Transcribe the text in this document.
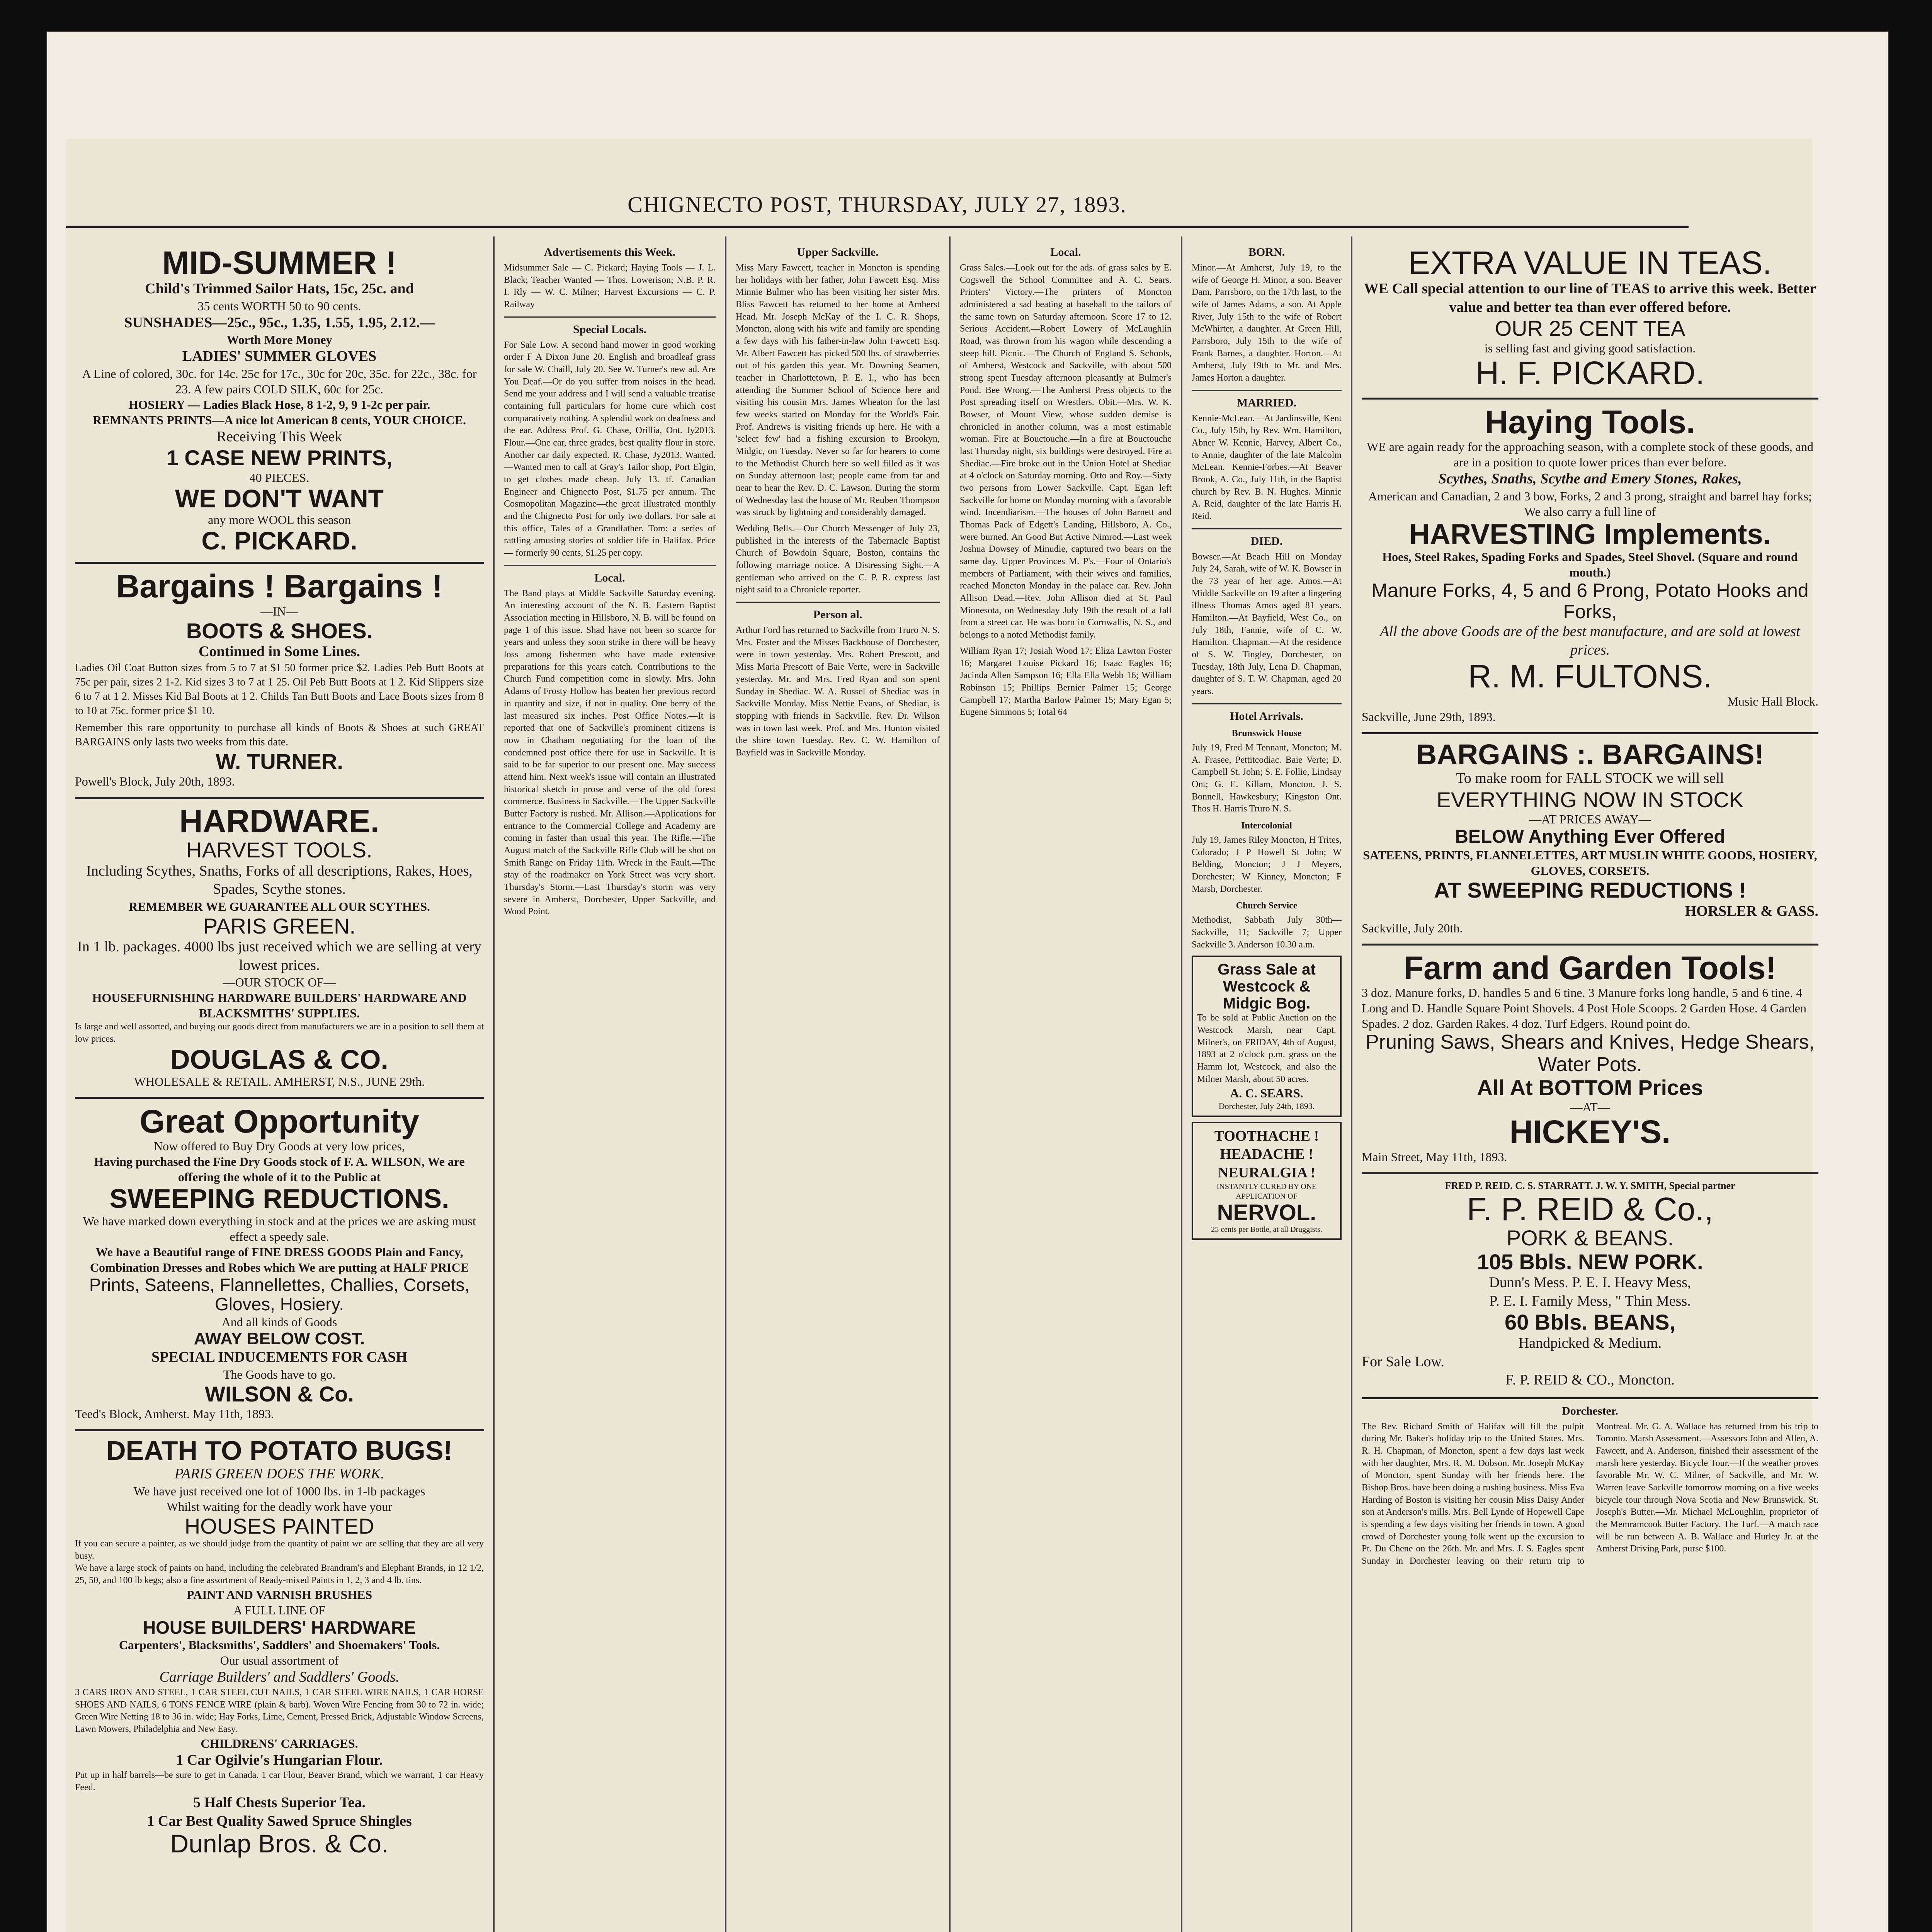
CHIGNECTO POST, THURSDAY, JULY 27, 1893.
MID-SUMMER !
Child's Trimmed Sailor Hats, 15c, 25c. and
35 cents WORTH 50 to 90 cents.
SUNSHADES—25c., 95c., 1.35, 1.55, 1.95, 2.12.—
Worth More Money
LADIES' SUMMER GLOVES
A Line of colored, 30c. for 14c. 25c for 17c., 30c for 20c, 35c. for 22c., 38c. for 23. A few pairs COLD SILK, 60c for 25c.
HOSIERY — Ladies Black Hose, 8 1-2, 9, 9 1-2c per pair.
REMNANTS PRINTS—A nice lot American 8 cents, YOUR CHOICE.
Receiving This Week
1 CASE NEW PRINTS,
40 PIECES.
WE DON'T WANT
any more WOOL this season
C. PICKARD.
Bargains ! Bargains !
—IN—
BOOTS & SHOES.
Continued in Some Lines.
Ladies Oil Coat Button sizes from 5 to 7 at $1 50 former price $2. Ladies Peb Butt Boots at 75c per pair, sizes 2 1-2. Kid sizes 3 to 7 at 1 25. Oil Peb Butt Boots at 1 2. Kid Slippers size 6 to 7 at 1 2. Misses Kid Bal Boots at 1 2. Childs Tan Butt Boots and Lace Boots sizes from 8 to 10 at 75c. former price $1 10.
Remember this rare opportunity to purchase all kinds of Boots & Shoes at such GREAT BARGAINS only lasts two weeks from this date.
W. TURNER.
Powell's Block, July 20th, 1893.
HARDWARE.
HARVEST TOOLS.
Including Scythes, Snaths, Forks of all descriptions, Rakes, Hoes, Spades, Scythe stones.
REMEMBER WE GUARANTEE ALL OUR SCYTHES.
PARIS GREEN.
In 1 lb. packages. 4000 lbs just received which we are selling at very lowest prices.
—OUR STOCK OF—
HOUSEFURNISHING HARDWARE BUILDERS' HARDWARE AND BLACKSMITHS' SUPPLIES.
Is large and well assorted, and buying our goods direct from manufacturers we are in a position to sell them at low prices.
DOUGLAS & CO.
WHOLESALE & RETAIL. AMHERST, N.S., JUNE 29th.
Great Opportunity
Now offered to Buy Dry Goods at very low prices,
Having purchased the Fine Dry Goods stock of F. A. WILSON, We are offering the whole of it to the Public at
SWEEPING REDUCTIONS.
We have marked down everything in stock and at the prices we are asking must effect a speedy sale.
We have a Beautiful range of FINE DRESS GOODS Plain and Fancy, Combination Dresses and Robes which We are putting at HALF PRICE
Prints, Sateens, Flannellettes, Challies, Corsets, Gloves, Hosiery.
And all kinds of Goods
AWAY BELOW COST.
SPECIAL INDUCEMENTS FOR CASH
The Goods have to go.
WILSON & Co.
Teed's Block, Amherst. May 11th, 1893.
DEATH TO POTATO BUGS!
PARIS GREEN DOES THE WORK.
We have just received one lot of 1000 lbs. in 1-lb packages
Whilst waiting for the deadly work have your
HOUSES PAINTED
If you can secure a painter, as we should judge from the quantity of paint we are selling that they are all very busy.
We have a large stock of paints on hand, including the celebrated Brandram's and Elephant Brands, in 12 1/2, 25, 50, and 100 lb kegs; also a fine assortment of Ready-mixed Paints in 1, 2, 3 and 4 lb. tins.
PAINT AND VARNISH BRUSHES
A FULL LINE OF
HOUSE BUILDERS' HARDWARE
Carpenters', Blacksmiths', Saddlers' and Shoemakers' Tools.
Our usual assortment of
Carriage Builders' and Saddlers' Goods.
3 CARS IRON AND STEEL, 1 CAR STEEL CUT NAILS, 1 CAR STEEL WIRE NAILS, 1 CAR HORSE SHOES AND NAILS, 6 TONS FENCE WIRE (plain & barb). Woven Wire Fencing from 30 to 72 in. wide; Green Wire Netting 18 to 36 in. wide; Hay Forks, Lime, Cement, Pressed Brick, Adjustable Window Screens, Lawn Mowers, Philadelphia and New Easy.
CHILDRENS' CARRIAGES.
1 Car Ogilvie's Hungarian Flour.
Put up in half barrels—be sure to get in Canada. 1 car Flour, Beaver Brand, which we warrant, 1 car Heavy Feed.
5 Half Chests Superior Tea.
1 Car Best Quality Sawed Spruce Shingles
Dunlap Bros. & Co.
Advertisements this Week.
Midsummer Sale — C. Pickard; Haying Tools — J. L. Black; Teacher Wanted — Thos. Lowerison; N.B. P. R. I. Rly — W. C. Milner; Harvest Excursions — C. P. Railway
Special Locals.
For Sale Low. A second hand mower in good working order F A Dixon June 20. English and broadleaf grass for sale W. Chaill, July 20. See W. Turner's new ad. Are You Deaf.—Or do you suffer from noises in the head. Send me your address and I will send a valuable treatise containing full particulars for home cure which cost comparatively nothing. A splendid work on deafness and the ear. Address Prof. G. Chase, Orillia, Ont. Jy2013. Flour.—One car, three grades, best quality flour in store. Another car daily expected. R. Chase, Jy2013. Wanted.—Wanted men to call at Gray's Tailor shop, Port Elgin, to get clothes made cheap. July 13. tf. Canadian Engineer and Chignecto Post, $1.75 per annum. The Cosmopolitan Magazine—the great illustrated monthly and the Chignecto Post for only two dollars. For sale at this office, Tales of a Grandfather. Tom: a series of rattling amusing stories of soldier life in Halifax. Price — formerly 90 cents, $1.25 per copy.
Local.
The Band plays at Middle Sackville Saturday evening. An interesting account of the N. B. Eastern Baptist Association meeting in Hillsboro, N. B. will be found on page 1 of this issue. Shad have not been so scarce for years and unless they soon strike in there will be heavy loss among fishermen who have made extensive preparations for this years catch. Contributions to the Church Fund competition come in slowly. Mrs. John Adams of Frosty Hollow has beaten her previous record in quantity and size, if not in quality. One berry of the last measured six inches. Post Office Notes.—It is reported that one of Sackville's prominent citizens is now in Chatham negotiating for the loan of the condemned post office there for use in Sackville. It is said to be far superior to our present one. May success attend him. Next week's issue will contain an illustrated historical sketch in prose and verse of the old forest commerce. Business in Sackville.—The Upper Sackville Butter Factory is rushed. Mr. Allison.—Applications for entrance to the Commercial College and Academy are coming in faster than usual this year. The Rifle.—The August match of the Sackville Rifle Club will be shot on Smith Range on Friday 11th. Wreck in the Fault.—The stay of the roadmaker on York Street was very short. Thursday's Storm.—Last Thursday's storm was very severe in Amherst, Dorchester, Upper Sackville, and Wood Point.
Upper Sackville.
Miss Mary Fawcett, teacher in Moncton is spending her holidays with her father, John Fawcett Esq. Miss Minnie Bulmer who has been visiting her sister Mrs. Bliss Fawcett has returned to her home at Amherst Head. Mr. Joseph McKay of the I. C. R. Shops, Moncton, along with his wife and family are spending a few days with his father-in-law John Fawcett Esq. Mr. Albert Fawcett has picked 500 lbs. of strawberries out of his garden this year. Mr. Downing Seamen, teacher in Charlottetown, P. E. I., who has been attending the Summer School of Science here and visiting his cousin Mrs. James Wheaton for the last few weeks started on Monday for the World's Fair. Prof. Andrews is visiting friends up here. He with a 'select few' had a fishing excursion to Brookyn, Midgic, on Tuesday. Never so far for hearers to come to the Methodist Church here so well filled as it was on Sunday afternoon last; people came from far and near to hear the Rev. D. C. Lawson. During the storm of Wednesday last the house of Mr. Reuben Thompson was struck by lightning and considerably damaged.
Wedding Bells.—Our Church Messenger of July 23, published in the interests of the Tabernacle Baptist Church of Bowdoin Square, Boston, contains the following marriage notice. A Distressing Sight.—A gentleman who arrived on the C. P. R. express last night said to a Chronicle reporter.
Person al.
Arthur Ford has returned to Sackville from Truro N. S. Mrs. Foster and the Misses Backhouse of Dorchester, were in town yesterday. Mrs. Robert Prescott, and Miss Maria Prescott of Baie Verte, were in Sackville yesterday. Mr. and Mrs. Fred Ryan and son spent Sunday in Shediac. W. A. Russel of Shediac was in Sackville Monday. Miss Nettie Evans, of Shediac, is stopping with friends in Sackville. Rev. Dr. Wilson was in town last week. Prof. and Mrs. Hunton visited the shire town Tuesday. Rev. C. W. Hamilton of Bayfield was in Sackville Monday.
Local.
Grass Sales.—Look out for the ads. of grass sales by E. Cogswell the School Committee and A. C. Sears. Printers' Victory.—The printers of Moncton administered a sad beating at baseball to the tailors of the same town on Saturday afternoon. Score 17 to 12. Serious Accident.—Robert Lowery of McLaughlin Road, was thrown from his wagon while descending a steep hill. Picnic.—The Church of England S. Schools, of Amherst, Westcock and Sackville, with about 500 strong spent Tuesday afternoon pleasantly at Bulmer's Pond. Bee Wrong.—The Amherst Press objects to the Post spreading itself on Wrestlers. Obit.—Mrs. W. K. Bowser, of Mount View, whose sudden demise is chronicled in another column, was a most estimable woman. Fire at Bouctouche.—In a fire at Bouctouche last Thursday night, six buildings were destroyed. Fire at Shediac.—Fire broke out in the Union Hotel at Shediac at 4 o'clock on Saturday morning. Otto and Roy.—Sixty two persons from Lower Sackville. Capt. Egan left Sackville for home on Monday morning with a favorable wind. Incendiarism.—The houses of John Barnett and Thomas Pack of Edgett's Landing, Hillsboro, A. Co., were burned. An Good But Active Nimrod.—Last week Joshua Dowsey of Minudie, captured two bears on the same day. Upper Provinces M. P's.—Four of Ontario's members of Parliament, with their wives and families, reached Moncton Monday in the palace car. Rev. John Allison Dead.—Rev. John Allison died at St. Paul Minnesota, on Wednesday July 19th the result of a fall from a street car. He was born in Cornwallis, N. S., and belongs to a noted Methodist family.
William Ryan 17; Josiah Wood 17; Eliza Lawton Foster 16; Margaret Louise Pickard 16; Isaac Eagles 16; Jacinda Allen Sampson 16; Ella Ella Webb 16; William Robinson 15; Phillips Bernier Palmer 15; George Campbell 17; Martha Barlow Palmer 15; Mary Egan 5; Eugene Simmons 5; Total 64
BORN.
Minor.—At Amherst, July 19, to the wife of George H. Minor, a son. Beaver Dam, Parrsboro, on the 17th last, to the wife of James Adams, a son. At Apple River, July 15th to the wife of Robert McWhirter, a daughter. At Green Hill, Parrsboro, July 15th to the wife of Frank Barnes, a daughter. Horton.—At Amherst, July 19th to Mr. and Mrs. James Horton a daughter.
MARRIED.
Kennie-McLean.—At Jardinsville, Kent Co., July 15th, by Rev. Wm. Hamilton, Abner W. Kennie, Harvey, Albert Co., to Annie, daughter of the late Malcolm McLean. Kennie-Forbes.—At Beaver Brook, A. Co., July 11th, in the Baptist church by Rev. B. N. Hughes. Minnie A. Reid, daughter of the late Harris H. Reid.
DIED.
Bowser.—At Beach Hill on Monday July 24, Sarah, wife of W. K. Bowser in the 73 year of her age. Amos.—At Middle Sackville on 19 after a lingering illness Thomas Amos aged 81 years. Hamilton.—At Bayfield, West Co., on July 18th, Fannie, wife of C. W. Hamilton. Chapman.—At the residence of S. W. Tingley, Dorchester, on Tuesday, 18th July, Lena D. Chapman, daughter of S. T. W. Chapman, aged 20 years.
Hotel Arrivals.
Brunswick House
July 19, Fred M Tennant, Moncton; M. A. Frasee, Pettitcodiac. Baie Verte; D. Campbell St. John; S. E. Follie, Lindsay Ont; G. E. Killam, Moncton. J. S. Bonnell, Hawkesbury; Kingston Ont. Thos H. Harris Truro N. S.
Intercolonial
July 19, James Riley Moncton, H Trites, Colorado; J P Howell St John; W Belding, Moncton; J J Meyers, Dorchester; W Kinney, Moncton; F Marsh, Dorchester.
Church Service
Methodist, Sabbath July 30th—Sackville, 11; Sackville 7; Upper Sackville 3. Anderson 10.30 a.m.
Grass Sale at Westcock & Midgic Bog.
To be sold at Public Auction on the Westcock Marsh, near Capt. Milner's, on FRIDAY, 4th of August, 1893 at 2 o'clock p.m. grass on the Hamm lot, Westcock, and also the Milner Marsh, about 50 acres.
A. C. SEARS.
Dorchester, July 24th, 1893.
TOOTHACHE !
HEADACHE !
NEURALGIA !
INSTANTLY CURED BY ONE APPLICATION OF
NERVOL.
25 cents per Bottle, at all Druggists.
EXTRA VALUE IN TEAS.
WE Call special attention to our line of TEAS to arrive this week. Better value and better tea than ever offered before.
OUR 25 CENT TEA
is selling fast and giving good satisfaction.
H. F. PICKARD.
Haying Tools.
WE are again ready for the approaching season, with a complete stock of these goods, and are in a position to quote lower prices than ever before.
Scythes, Snaths, Scythe and Emery Stones, Rakes,
American and Canadian, 2 and 3 bow, Forks, 2 and 3 prong, straight and barrel hay forks; We also carry a full line of
HARVESTING Implements.
Hoes, Steel Rakes, Spading Forks and Spades, Steel Shovel. (Square and round mouth.)
Manure Forks, 4, 5 and 6 Prong, Potato Hooks and Forks,
All the above Goods are of the best manufacture, and are sold at lowest prices.
R. M. FULTONS.
Music Hall Block.
Sackville, June 29th, 1893.
BARGAINS :. BARGAINS!
To make room for FALL STOCK we will sell
EVERYTHING NOW IN STOCK
—AT PRICES AWAY—
BELOW Anything Ever Offered
SATEENS, PRINTS, FLANNELETTES, ART MUSLIN WHITE GOODS, HOSIERY, GLOVES, CORSETS.
AT SWEEPING REDUCTIONS !
HORSLER & GASS.
Sackville, July 20th.
Farm and Garden Tools!
3 doz. Manure forks, D. handles 5 and 6 tine. 3 Manure forks long handle, 5 and 6 tine. 4 Long and D. Handle Square Point Shovels. 4 Post Hole Scoops. 2 Garden Hose. 4 Garden Spades. 2 doz. Garden Rakes. 4 doz. Turf Edgers. Round point do.
Pruning Saws, Shears and Knives, Hedge Shears, Water Pots.
All At BOTTOM Prices
—AT—
HICKEY'S.
Main Street, May 11th, 1893.
FRED P. REID. C. S. STARRATT. J. W. Y. SMITH, Special partner
F. P. REID & Co.,
PORK & BEANS.
105 Bbls. NEW PORK.
Dunn's Mess. P. E. I. Heavy Mess,
P. E. I. Family Mess, " Thin Mess.
60 Bbls. BEANS,
Handpicked & Medium.
For Sale Low.
F. P. REID & CO., Moncton.
Dorchester.
The Rev. Richard Smith of Halifax will fill the pulpit during Mr. Baker's holiday trip to the United States. Mrs. R. H. Chapman, of Moncton, spent a few days last week with her daughter, Mrs. R. M. Dobson. Mr. Joseph McKay of Moncton, spent Sunday with her friends here. The Bishop Bros. have been doing a rushing business. Miss Eva Harding of Boston is visiting her cousin Miss Daisy Ander son at Anderson's mills. Mrs. Bell Lynde of Hopewell Cape is spending a few days visiting her friends in town. A good crowd of Dorchester young folk went up the excursion to Pt. Du Chene on the 26th. Mr. and Mrs. J. S. Eagles spent Sunday in Dorchester leaving on their return trip to Montreal. Mr. G. A. Wallace has returned from his trip to Toronto. Marsh Assessment.—Assessors John and Allen, A. Fawcett, and A. Anderson, finished their assessment of the marsh here yesterday. Bicycle Tour.—If the weather proves favorable Mr. W. C. Milner, of Sackville, and Mr. W. Warren leave Sackville tomorrow morning on a five weeks bicycle tour through Nova Scotia and New Brunswick. St. Joseph's Butter.—Mr. Michael McLoughlin, proprietor of the Memramcook Butter Factory. The Turf.—A match race will be run between A. B. Wallace and Hurley Jr. at the Amherst Driving Park, purse $100.
